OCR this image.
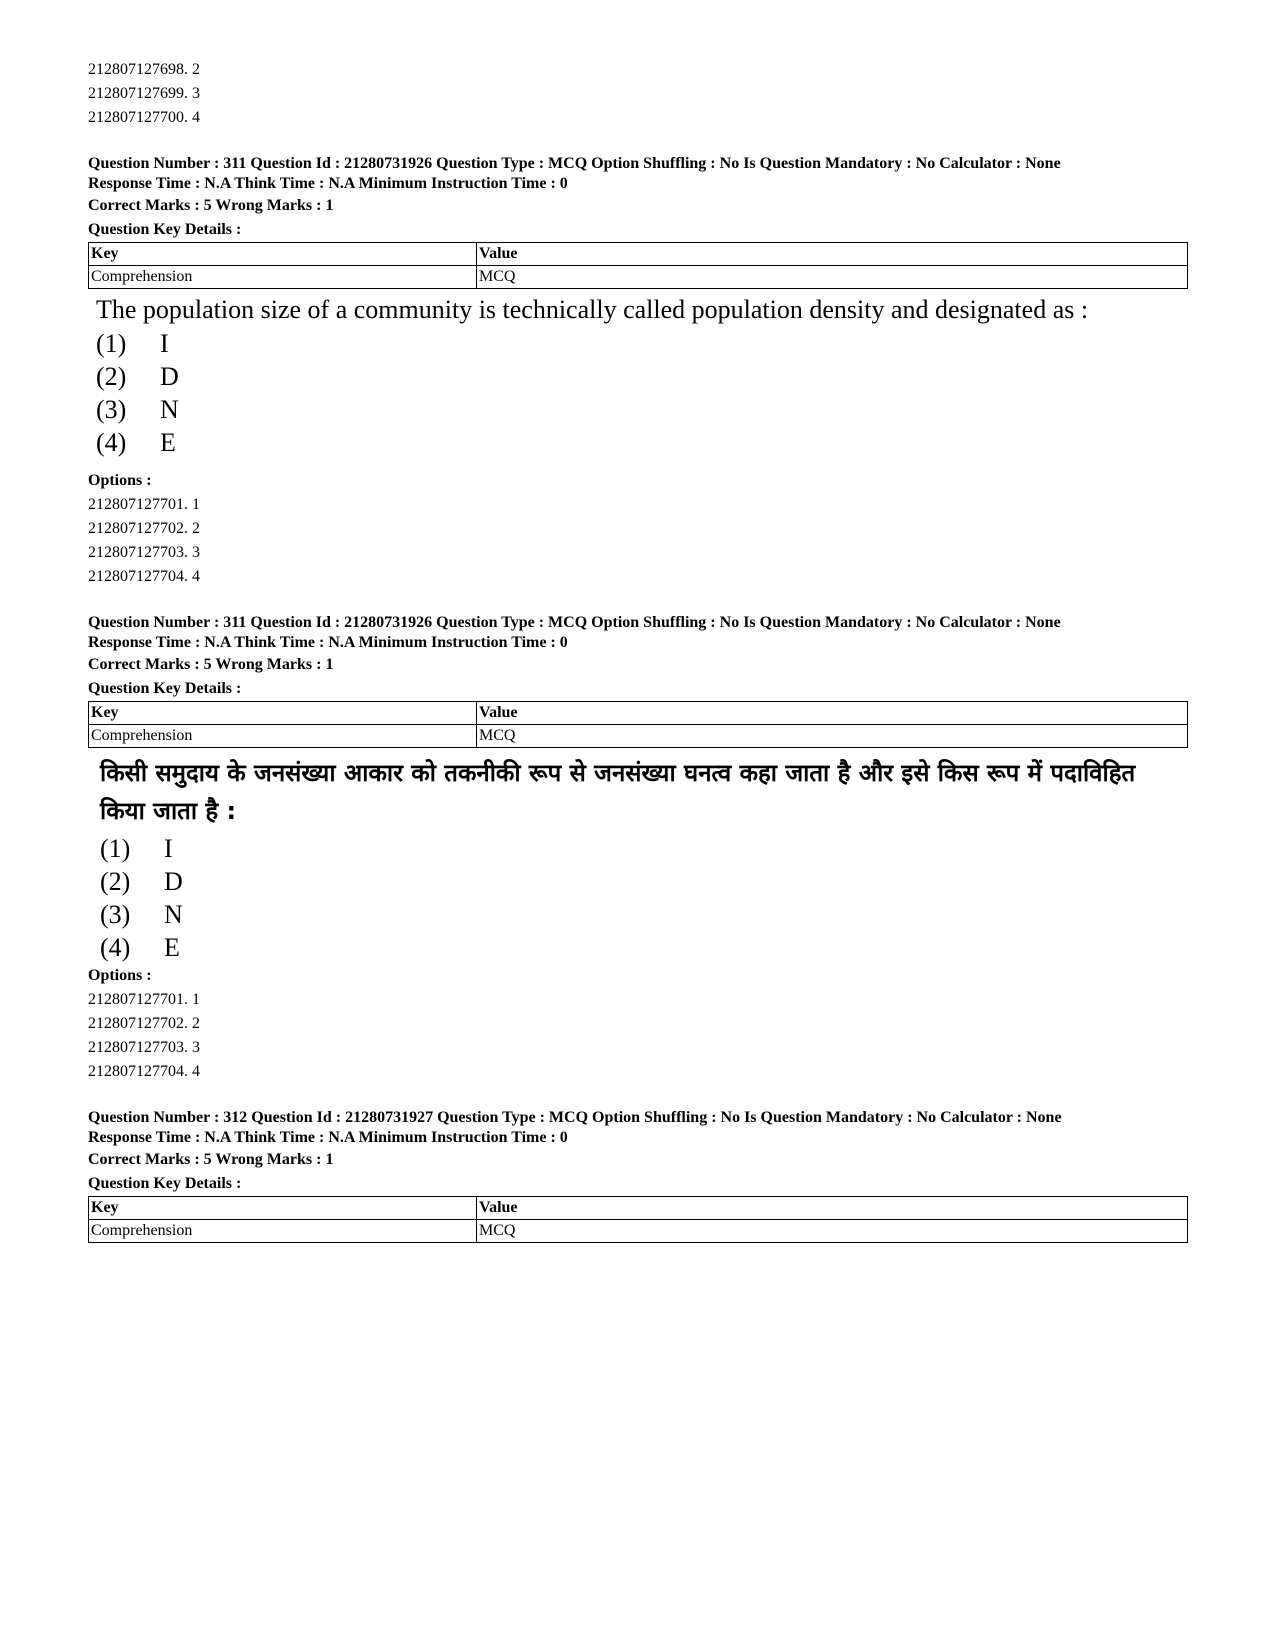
212807127698. 2
212807127699. 3
212807127700. 4
Question Number : 311 Question Id : 21280731926 Question Type : MCQ Option Shuffling : No Is Question Mandatory : No Calculator : None
Response Time : N.A Think Time : N.A Minimum Instruction Time : 0
Correct Marks : 5 Wrong Marks : 1
Question Key Details :
Key	Value
Comprehension	MCQ
The population size of a community is technically called population density and designated as :
(1)	I
(2)	D
(3)	N
(4)	E
Options :
212807127701. 1
212807127702. 2
212807127703. 3
212807127704. 4
Question Number : 311 Question Id : 21280731926 Question Type : MCQ Option Shuffling : No Is Question Mandatory : No Calculator : None
Response Time : N.A Think Time : N.A Minimum Instruction Time : 0
Correct Marks : 5 Wrong Marks : 1
Question Key Details :
Key	Value
Comprehension	MCQ
किसी समुदाय के जनसंख्या आकार को तकनीकी रूप से जनसंख्या घनत्व कहा जाता है और इसे किस रूप में पदाविहित किया जाता है :
(1)	I
(2)	D
(3)	N
(4)	E
Options :
212807127701. 1
212807127702. 2
212807127703. 3
212807127704. 4
Question Number : 312 Question Id : 21280731927 Question Type : MCQ Option Shuffling : No Is Question Mandatory : No Calculator : None
Response Time : N.A Think Time : N.A Minimum Instruction Time : 0
Correct Marks : 5 Wrong Marks : 1
Question Key Details :
Key	Value
Comprehension	MCQ
